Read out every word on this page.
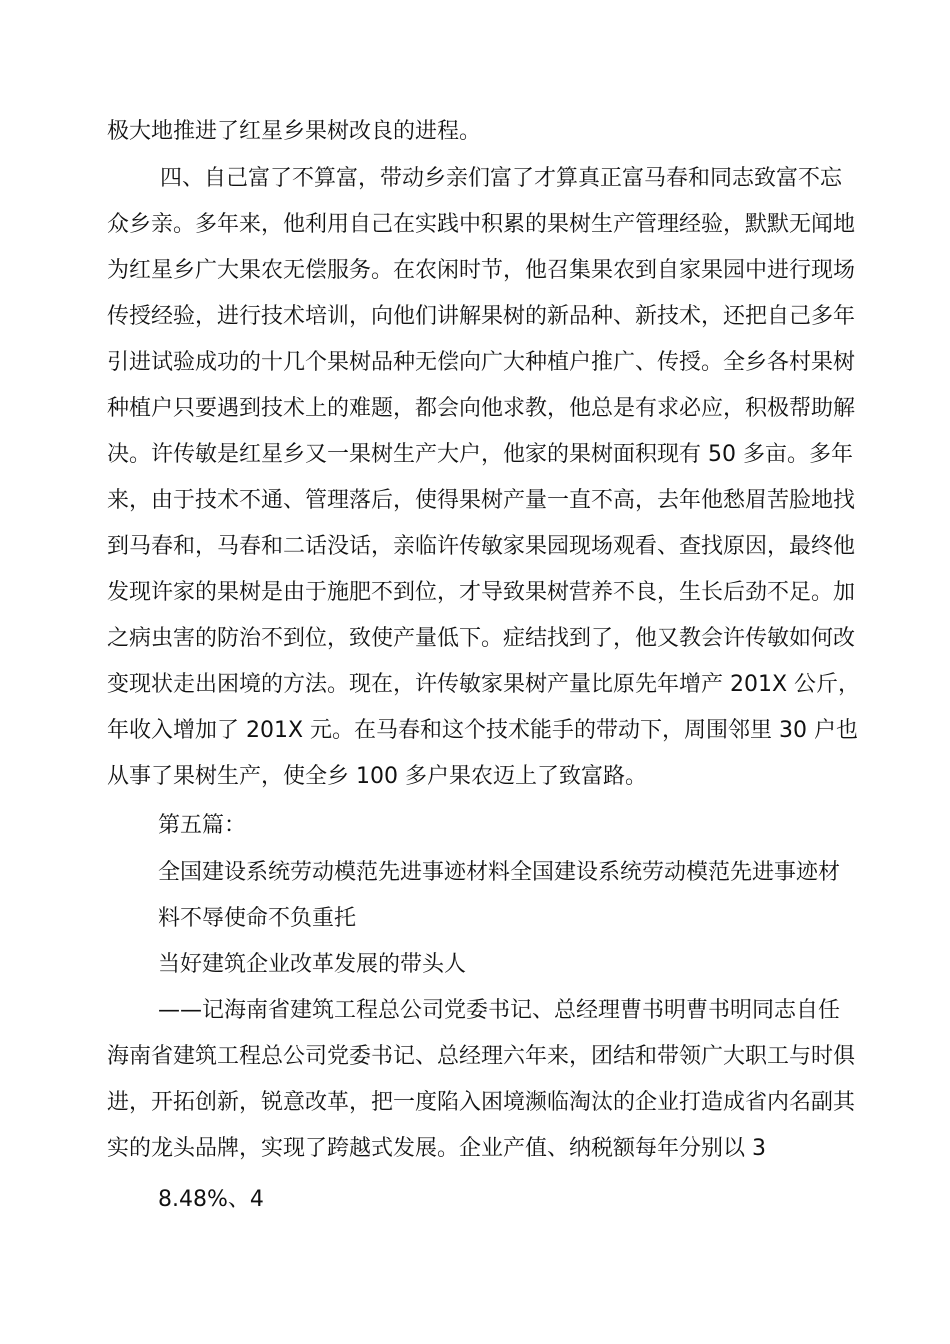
极大地推进了红星乡果树改良的进程。
四、自己富了不算富，带动乡亲们富了才算真正富马春和同志致富不忘
众乡亲。多年来，他利用自己在实践中积累的果树生产管理经验，默默无闻地
为红星乡广大果农无偿服务。在农闲时节，他召集果农到自家果园中进行现场
传授经验，进行技术培训，向他们讲解果树的新品种、新技术，还把自己多年
引进试验成功的十几个果树品种无偿向广大种植户推广、传授。全乡各村果树
种植户只要遇到技术上的难题，都会向他求教，他总是有求必应，积极帮助解
决。许传敏是红星乡又一果树生产大户，他家的果树面积现有 50 多亩。多年
来，由于技术不通、管理落后，使得果树产量一直不高，去年他愁眉苦脸地找
到马春和，马春和二话没话，亲临许传敏家果园现场观看、查找原因，最终他
发现许家的果树是由于施肥不到位，才导致果树营养不良，生长后劲不足。加
之病虫害的防治不到位，致使产量低下。症结找到了，他又教会许传敏如何改
变现状走出困境的方法。现在，许传敏家果树产量比原先年增产 201X 公斤，
年收入增加了 201X 元。在马春和这个技术能手的带动下，周围邻里 30 户也
从事了果树生产，使全乡 100 多户果农迈上了致富路。
第五篇：
全国建设系统劳动模范先进事迹材料全国建设系统劳动模范先进事迹材
料不辱使命不负重托
当好建筑企业改革发展的带头人
——记海南省建筑工程总公司党委书记、总经理曹书明曹书明同志自任
海南省建筑工程总公司党委书记、总经理六年来，团结和带领广大职工与时俱
进，开拓创新，锐意改革，把一度陷入困境濒临淘汰的企业打造成省内名副其
实的龙头品牌，实现了跨越式发展。企业产值、纳税额每年分别以 3
8.48%、4
